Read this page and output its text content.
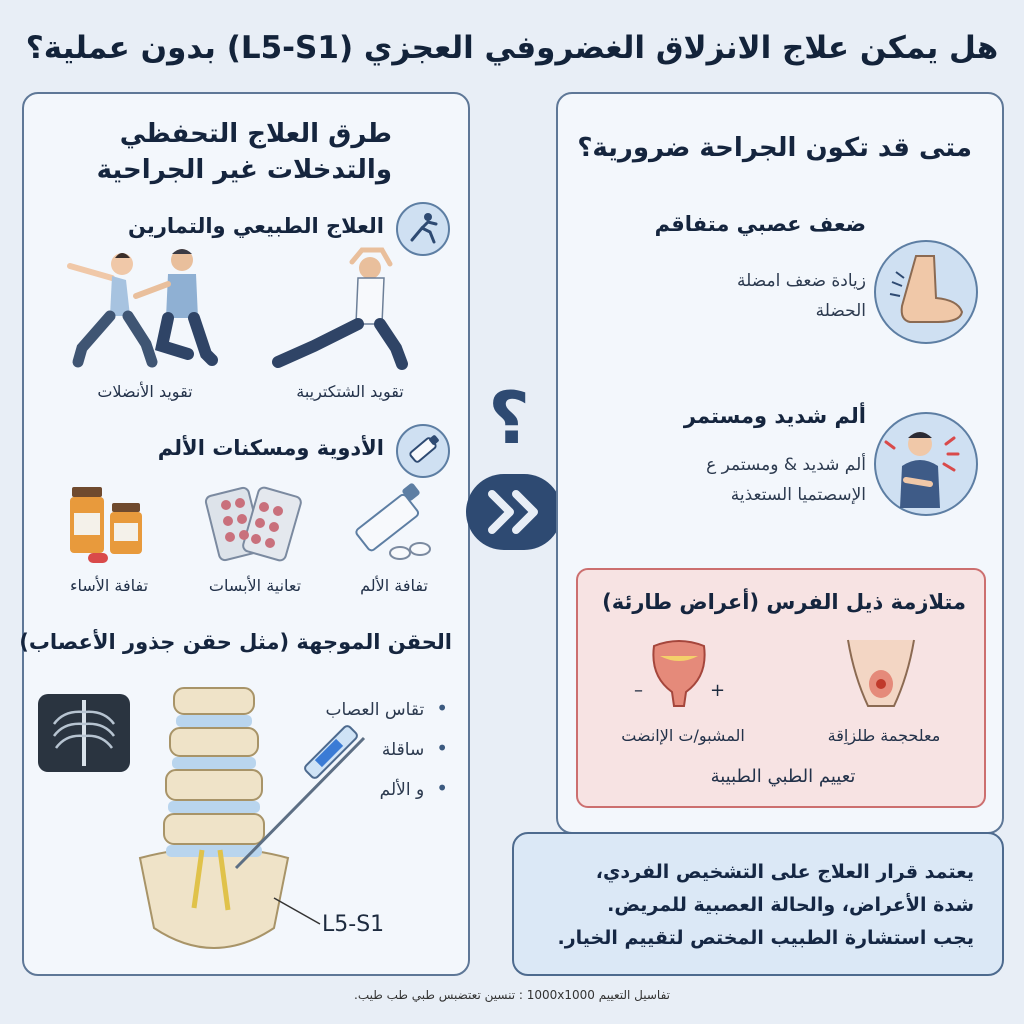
هل يمكن علاج الانزلاق الغضروفي العجزي (L5-S1) بدون عملية؟
طرق العلاج التحفظي
والتدخلات غير الجراحية
العلاج الطبيعي والتمارين
تقويد الأنضلات	تقويد الشتكتريبة
الأدوية ومسكنات الألم
تفافة الأساء	تعانية الأبسات	تفافة الألم
الحقن الموجهة (مثل حقن جذور الأعصاب)
• تقاس العصاب
• ساقلة
• و الألم
L5-S1
؟
متى قد تكون الجراحة ضرورية؟
ضعف عصبي متفاقم
زيادة ضعف امضلة
الحضلة
ألم شديد ومستمر
ألم شديد & ومستمر ع
الإسصتميا الستعذية
متلازمة ذيل الفرس (أعراض طارئة)
–	+
المشبو/ت الإانضت	معلحجمة طلزاِقة
تعييم الطبي الطبيبة
يعتمد قرار العلاج على التشخيص الفردي،
شدة الأعراض، والحالة العصبية للمريض.
يجب استشارة الطبيب المختص لتقييم الخيار.
تفاسيل التعييم 1000x1000 : تنسين تعتضبس طبي طب طيب.
